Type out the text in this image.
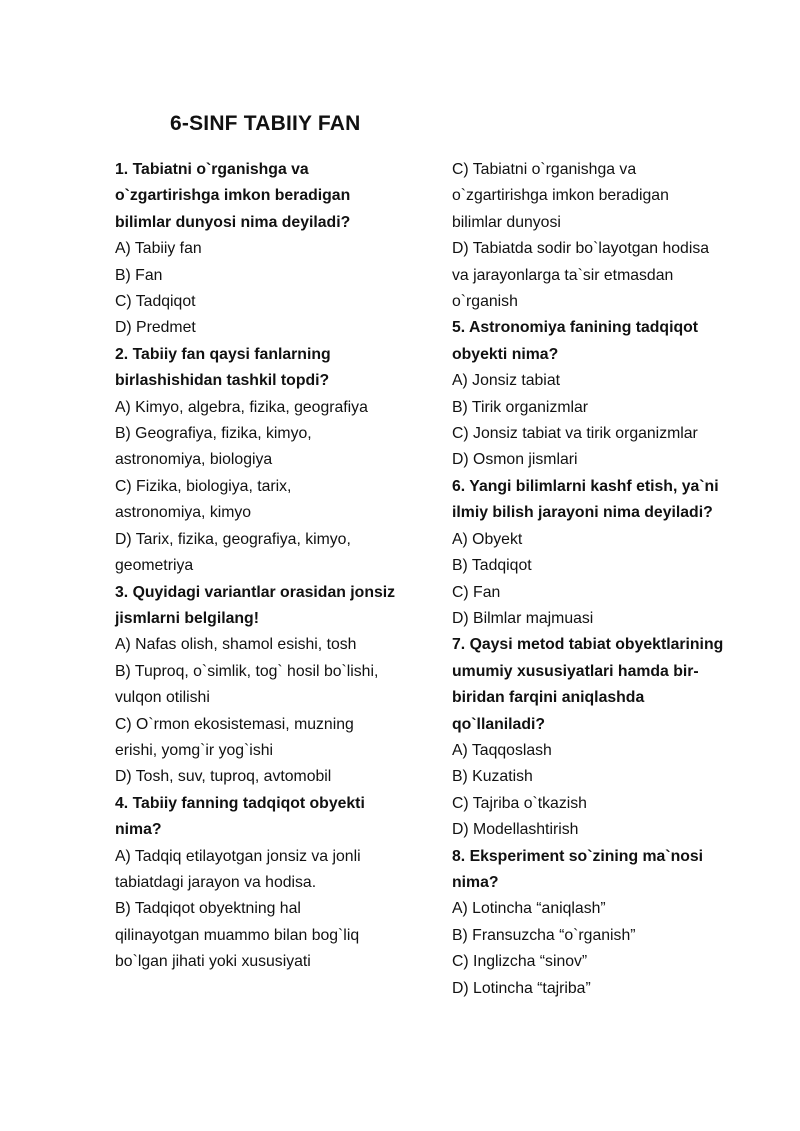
6-SINF TABIIY FAN
1. Tabiatni o`rganishga va
o`zgartirishga imkon beradigan
bilimlar dunyosi nima deyiladi?
A) Tabiiy fan
B) Fan
C) Tadqiqot
D) Predmet
2. Tabiiy fan qaysi fanlarning
birlashishidan tashkil topdi?
A) Kimyo, algebra, fizika, geografiya
B) Geografiya, fizika, kimyo,
astronomiya, biologiya
C) Fizika, biologiya, tarix,
astronomiya, kimyo
D) Tarix, fizika, geografiya, kimyo,
geometriya
3. Quyidagi variantlar orasidan jonsiz
jismlarni belgilang!
A) Nafas olish, shamol esishi, tosh
B) Tuproq, o`simlik, tog` hosil bo`lishi,
vulqon otilishi
C) O`rmon ekosistemasi, muzning
erishi, yomg`ir yog`ishi
D) Tosh, suv, tuproq, avtomobil
4. Tabiiy fanning tadqiqot obyekti
nima?
A) Tadqiq etilayotgan jonsiz va jonli
tabiatdagi jarayon va hodisa.
B) Tadqiqot obyektning hal
qilinayotgan muammo bilan bog`liq
bo`lgan jihati yoki xususiyati
C) Tabiatni o`rganishga va
o`zgartirishga imkon beradigan
bilimlar dunyosi
D) Tabiatda sodir bo`layotgan hodisa
va jarayonlarga ta`sir etmasdan
o`rganish
5. Astronomiya fanining tadqiqot
obyekti nima?
A) Jonsiz tabiat
B) Tirik organizmlar
C) Jonsiz tabiat va tirik organizmlar
D) Osmon jismlari
6. Yangi bilimlarni kashf etish, ya`ni
ilmiy bilish jarayoni nima deyiladi?
A) Obyekt
B) Tadqiqot
C) Fan
D) Bilmlar majmuasi
7. Qaysi metod tabiat obyektlarining
umumiy xususiyatlari hamda bir-
biridan farqini aniqlashda
qo`llaniladi?
A) Taqqoslash
B) Kuzatish
C) Tajriba o`tkazish
D) Modellashtirish
8. Eksperiment so`zining ma`nosi
nima?
A) Lotincha “aniqlash”
B) Fransuzcha “o`rganish”
C) Inglizcha “sinov”
D) Lotincha “tajriba”
